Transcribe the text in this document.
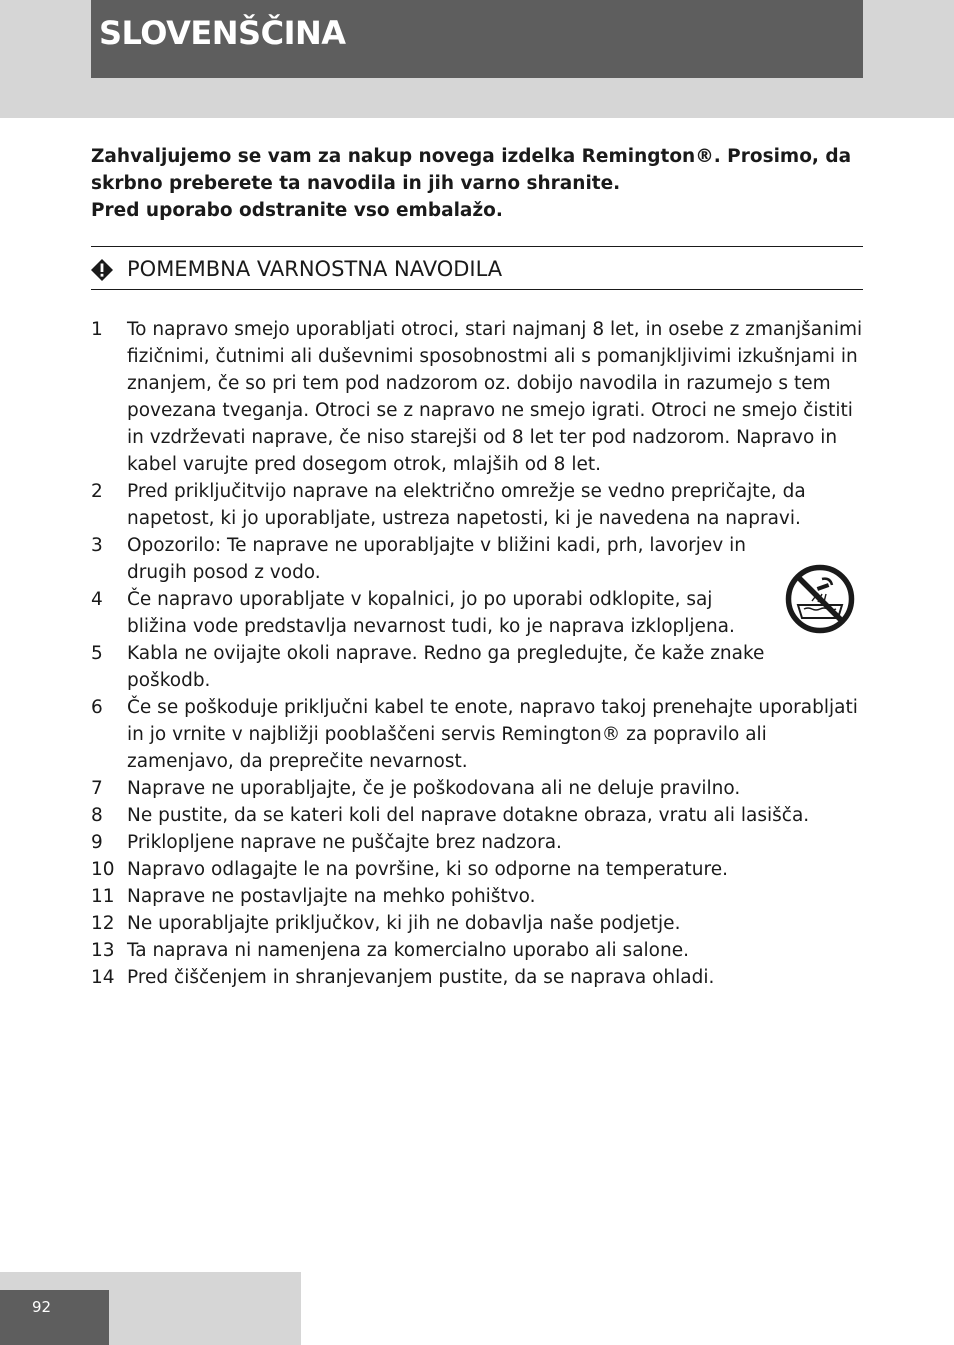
SLOVENŠČINA
Zahvaljujemo se vam za nakup novega izdelka Remington®. Prosimo, da
skrbno preberete ta navodila in jih varno shranite.
Pred uporabo odstranite vso embalažo.
POMEMBNA VARNOSTNA NAVODILA
1 To napravo smejo uporabljati otroci, stari najmanj 8 let, in osebe z zmanjšanimi fizičnimi, čutnimi ali duševnimi sposobnostmi ali s pomanjkljivimi izkušnjami in znanjem, če so pri tem pod nadzorom oz. dobijo navodila in razumejo s tem povezana tveganja. Otroci se z napravo ne smejo igrati. Otroci ne smejo čistiti in vzdrževati naprave, če niso starejši od 8 let ter pod nadzorom. Napravo in kabel varujte pred dosegom otrok, mlajših od 8 let.
2 Pred priključitvijo naprave na električno omrežje se vedno prepričajte, da napetost, ki jo uporabljate, ustreza napetosti, ki je navedena na napravi.
3 Opozorilo: Te naprave ne uporabljajte v bližini kadi, prh, lavorjev in drugih posod z vodo.
4 Če napravo uporabljate v kopalnici, jo po uporabi odklopite, saj bližina vode predstavlja nevarnost tudi, ko je naprava izklopljena.
5 Kabla ne ovijajte okoli naprave. Redno ga pregledujte, če kaže znake poškodb.
6 Če se poškoduje priključni kabel te enote, napravo takoj prenehajte uporabljati in jo vrnite v najbližji pooblaščeni servis Remington® za popravilo ali zamenjavo, da preprečite nevarnost.
7 Naprave ne uporabljajte, če je poškodovana ali ne deluje pravilno.
8 Ne pustite, da se kateri koli del naprave dotakne obraza, vratu ali lasišča.
9 Priklopljene naprave ne puščajte brez nadzora.
10 Napravo odlagajte le na površine, ki so odporne na temperature.
11 Naprave ne postavljajte na mehko pohištvo.
12 Ne uporabljajte priključkov, ki jih ne dobavlja naše podjetje.
13 Ta naprava ni namenjena za komercialno uporabo ali salone.
14 Pred čiščenjem in shranjevanjem pustite, da se naprava ohladi.
92
